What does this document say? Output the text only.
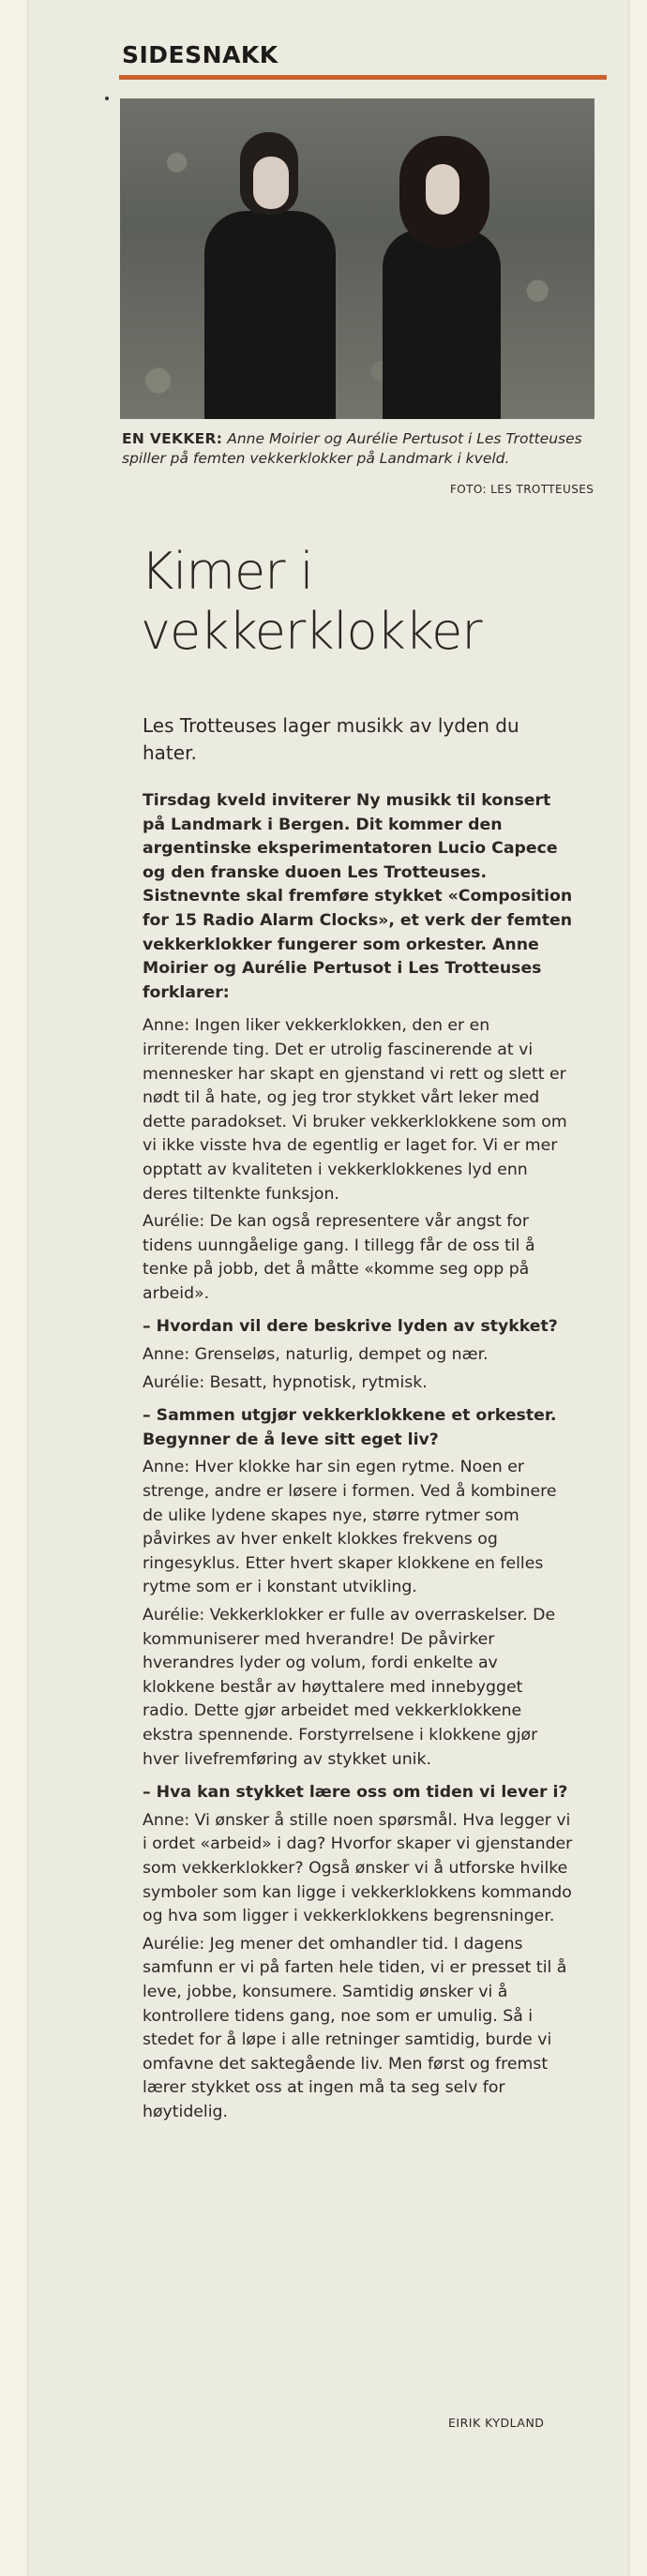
SIDESNAKK
EN VEKKER: Anne Moirier og Aurélie Pertusot i Les Trotteuses spiller på femten vekkerklokker på Landmark i kveld.
FOTO: LES TROTTEUSES
Kimer i vekkerklokker
Les Trotteuses lager musikk av lyden du hater.

Tirsdag kveld inviterer Ny musikk til konsert på Landmark i Bergen. Dit kommer den argentinske eksperimentatoren Lucio Capece og den franske duoen Les Trotteuses. Sistnevnte skal fremføre stykket «Composition for 15 Radio Alarm Clocks», et verk der femten vekkerklokker fungerer som orkester. Anne Moirier og Aurélie Pertusot i Les Trotteuses forklarer:

Anne: Ingen liker vekkerklokken, den er en irriterende ting. Det er utrolig fascinerende at vi mennesker har skapt en gjenstand vi rett og slett er nødt til å hate, og jeg tror stykket vårt leker med dette paradokset. Vi bruker vekkerklokkene som om vi ikke visste hva de egentlig er laget for. Vi er mer opptatt av kvaliteten i vekkerklokkenes lyd enn deres tiltenkte funksjon.

Aurélie: De kan også representere vår angst for tidens uunngåelige gang. I tillegg får de oss til å tenke på jobb, det å måtte «komme seg opp på arbeid».

– Hvordan vil dere beskrive lyden av stykket?

Anne: Grenseløs, naturlig, dempet og nær.

Aurélie: Besatt, hypnotisk, rytmisk.

– Sammen utgjør vekkerklokkene et orkester. Begynner de å leve sitt eget liv?

Anne: Hver klokke har sin egen rytme. Noen er strenge, andre er løsere i formen. Ved å kombinere de ulike lydene skapes nye, større rytmer som påvirkes av hver enkelt klokkes frekvens og ringesyklus. Etter hvert skaper klokkene en felles rytme som er i konstant utvikling.

Aurélie: Vekkerklokker er fulle av overraskelser. De kommuniserer med hverandre! De påvirker hverandres lyder og volum, fordi enkelte av klokkene består av høyttalere med innebygget radio. Dette gjør arbeidet med vekkerklokkene ekstra spennende. Forstyrrelsene i klokkene gjør hver livefremføring av stykket unik.

– Hva kan stykket lære oss om tiden vi lever i?

Anne: Vi ønsker å stille noen spørsmål. Hva legger vi i ordet «arbeid» i dag? Hvorfor skaper vi gjenstander som vekkerklokker? Også ønsker vi å utforske hvilke symboler som kan ligge i vekkerklokkens kommando og hva som ligger i vekkerklokkens begrensninger.

Aurélie: Jeg mener det omhandler tid. I dagens samfunn er vi på farten hele tiden, vi er presset til å leve, jobbe, konsumere. Samtidig ønsker vi å kontrollere tidens gang, noe som er umulig. Så i stedet for å løpe i alle retninger samtidig, burde vi omfavne det saktegående liv. Men først og fremst lærer stykket oss at ingen må ta seg selv for høytidelig.

EIRIK KYDLAND
